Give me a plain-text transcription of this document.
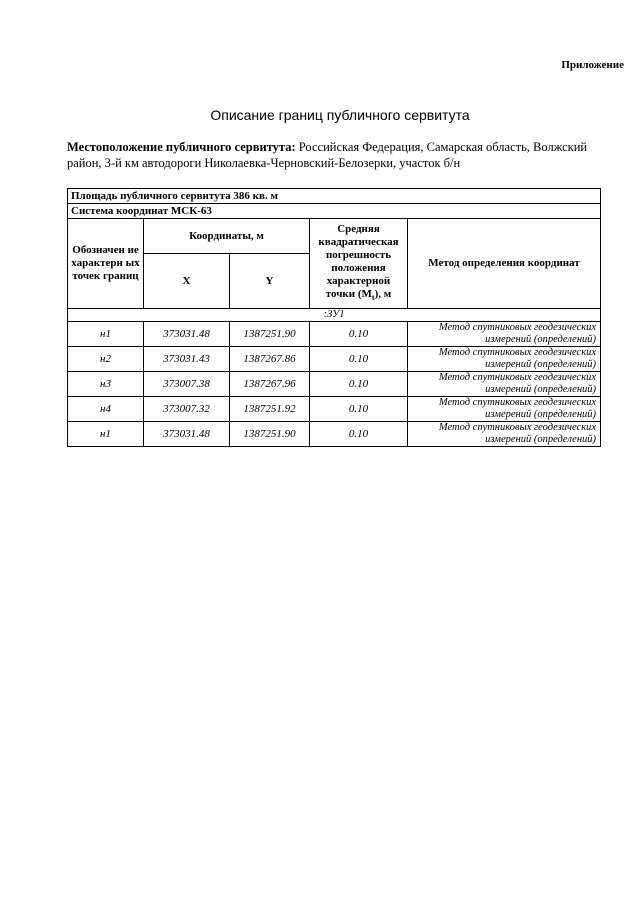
Приложение
Описание границ публичного сервитута
Местоположение публичного сервитута: Российская Федерация, Самарская область, Волжский район, 3-й км автодороги Николаевка-Черновский-Белозерки, участок б/н
Площадь публичного сервитута 386 кв. м				
Система координат МСК-63				
Обозначен ие характерн ых точек границ	Координаты, м		Средняя квадратическая погрешность положения характерной точки $(M_t)$, м	Метод определения координат
	X	Y		
:ЗУ1				
н1	373031.48	1387251.90	0.10	Метод спутниковых геодезических измерений (определений)
н2	373031.43	1387267.86	0.10	Метод спутниковых геодезических измерений (определений)
н3	373007.38	1387267.96	0.10	Метод спутниковых геодезических измерений (определений)
н4	373007.32	1387251.92	0.10	Метод спутниковых геодезических измерений (определений)
н1	373031.48	1387251.90	0.10	Метод спутниковых геодезических измерений (определений)
